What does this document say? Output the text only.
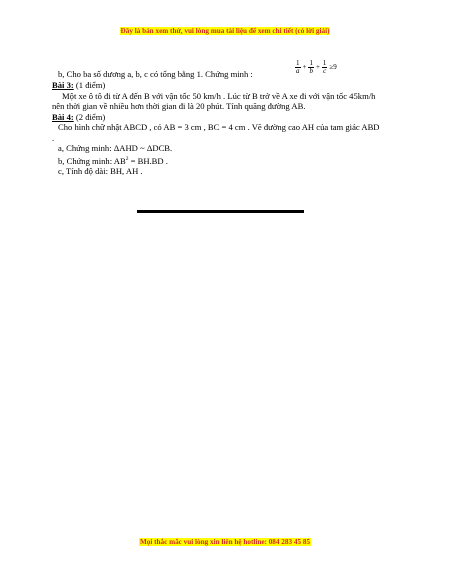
Đây là bản xem thử, vui lòng mua tài liệu để xem chi tiết (có lời giải)
b, Cho ba số dương a, b, c có tổng bằng 1. Chứng minh :	$\frac{1}{a} + \frac{1}{b} + \frac{1}{c} \ge 9$
Bài 3: (1 điểm)
Một xe ô tô đi từ A đến B với vận tốc 50 km/h . Lúc từ B trở về A xe đi với vận tốc 45km/h nên thời gian về nhiều hơn thời gian đi là 20 phút. Tính quãng đường AB.
Bài 4: (2 điểm)
Cho hình chữ nhật ABCD , có AB = 3 cm , BC = 4 cm . Vẽ đường cao AH của tam giác ABD .
a, Chứng minh: ΔAHD ~ ΔDCB.
b, Chứng minh: $AB^2 = BH.BD$ .
c, Tính độ dài: BH, AH .
Mọi thắc mắc vui lòng xin liên hệ hotline: 084 283 45 85
